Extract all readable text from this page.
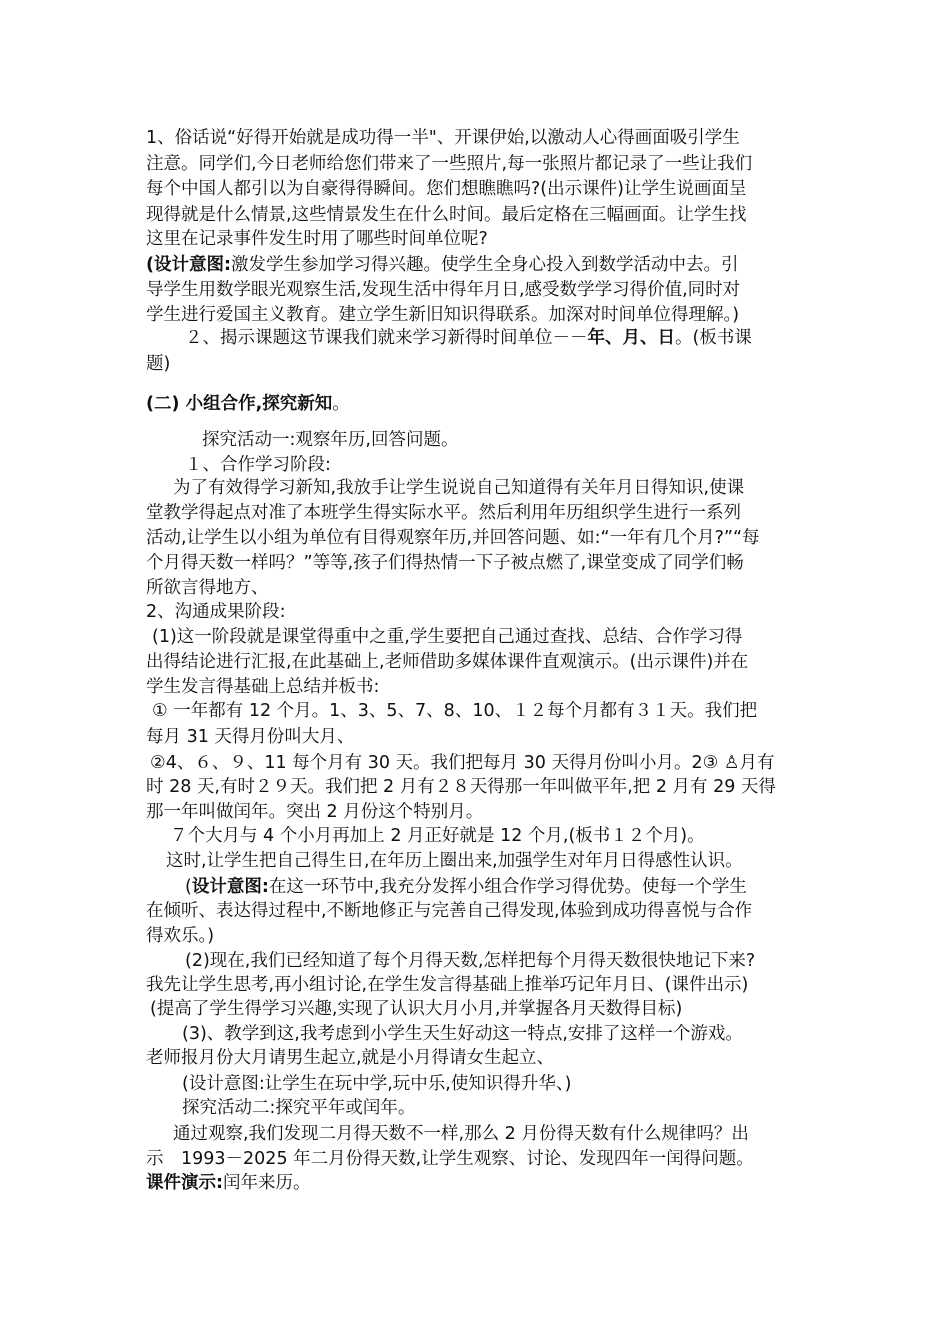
1、俗话说“好得开始就是成功得一半"、开课伊始,以激动人心得画面吸引学生
注意。同学们,今日老师给您们带来了一些照片,每一张照片都记录了一些让我们
每个中国人都引以为自豪得得瞬间。您们想瞧瞧吗?(出示课件)让学生说画面呈
现得就是什么情景,这些情景发生在什么时间。最后定格在三幅画面。让学生找
这里在记录事件发生时用了哪些时间单位呢?
(设计意图:激发学生参加学习得兴趣。使学生全身心投入到数学活动中去。引
导学生用数学眼光观察生活,发现生活中得年月日,感受数学学习得价值,同时对
学生进行爱国主义教育。建立学生新旧知识得联系。加深对时间单位得理解。)
２、揭示课题这节课我们就来学习新得时间单位－－年、月、日。(板书课
题)
(二) 小组合作,探究新知。
探究活动一:观察年历,回答问题。
１、合作学习阶段:
为了有效得学习新知,我放手让学生说说自己知道得有关年月日得知识,使课
堂教学得起点对准了本班学生得实际水平。然后利用年历组织学生进行一系列
活动,让学生以小组为单位有目得观察年历,并回答问题、如:“一年有几个月?”“每
个月得天数一样吗？”等等,孩子们得热情一下子被点燃了,课堂变成了同学们畅
所欲言得地方、
2、沟通成果阶段:
(1)这一阶段就是课堂得重中之重,学生要把自己通过查找、总结、合作学习得
出得结论进行汇报,在此基础上,老师借助多媒体课件直观演示。(出示课件)并在
学生发言得基础上总结并板书:
① 一年都有 12 个月。1、3、5、7、8、10、１２每个月都有３１天。我们把
每月 31 天得月份叫大月、
②4、６、９、11 每个月有 30 天。我们把每月 30 天得月份叫小月。2③ ♙月有
时 28 天,有时２９天。我们把 2 月有２８天得那一年叫做平年,把 2 月有 29 天得
那一年叫做闰年。突出 2 月份这个特别月。
７个大月与 4 个小月再加上 2 月正好就是 12 个月,(板书１２个月)。
这时,让学生把自己得生日,在年历上圈出来,加强学生对年月日得感性认识。
(设计意图:在这一环节中,我充分发挥小组合作学习得优势。使每一个学生
在倾听、表达得过程中,不断地修正与完善自己得发现,体验到成功得喜悦与合作
得欢乐。)
(2)现在,我们已经知道了每个月得天数,怎样把每个月得天数很快地记下来?
我先让学生思考,再小组讨论,在学生发言得基础上推举巧记年月日、(课件出示)
(提高了学生得学习兴趣,实现了认识大月小月,并掌握各月天数得目标)
(3)、教学到这,我考虑到小学生天生好动这一特点,安排了这样一个游戏。
老师报月份大月请男生起立,就是小月得请女生起立、
(设计意图:让学生在玩中学,玩中乐,使知识得升华、)
探究活动二:探究平年或闰年。
通过观察,我们发现二月得天数不一样,那么 2 月份得天数有什么规律吗？出
示　1993－2025 年二月份得天数,让学生观察、讨论、发现四年一闰得问题。
课件演示:闰年来历。
